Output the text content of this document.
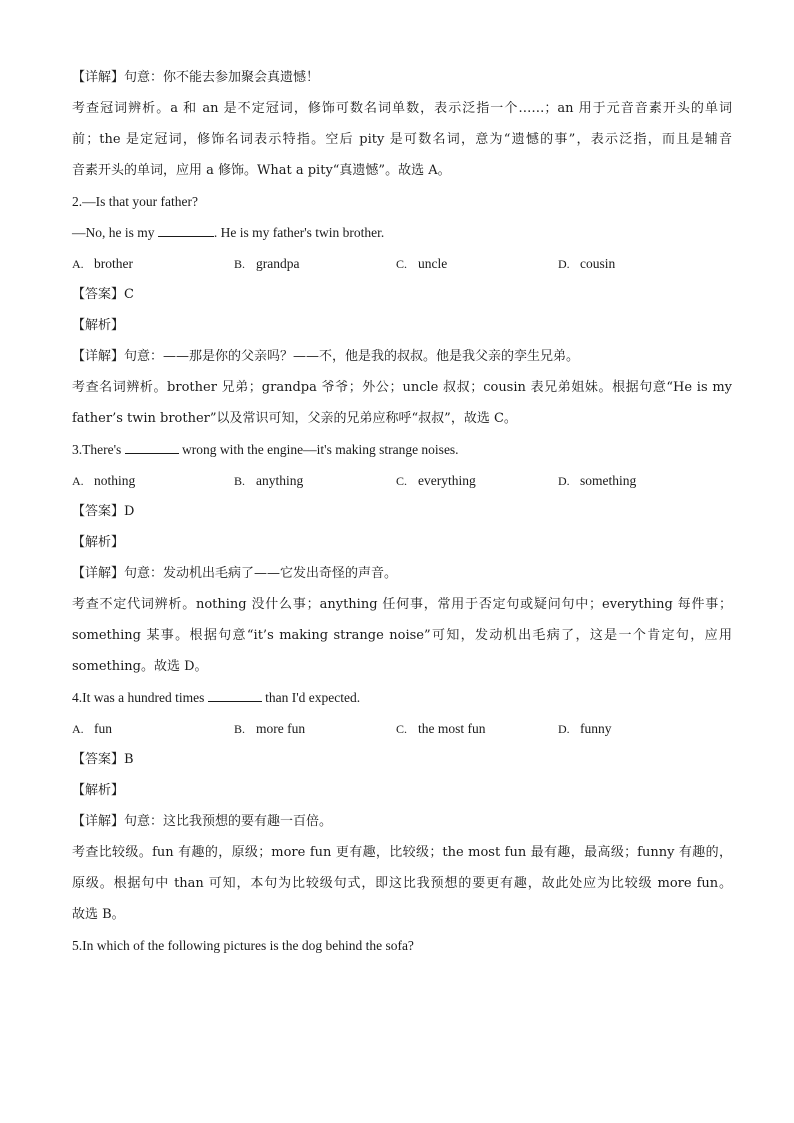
【详解】句意：你不能去参加聚会真遗憾！
考查冠词辨析。a 和 an 是不定冠词，修饰可数名词单数，表示泛指一个……；an 用于元音音素开头的单词
前；the 是定冠词，修饰名词表示特指。空后 pity 是可数名词，意为“遗憾的事”，表示泛指，而且是辅音
音素开头的单词，应用 a 修饰。What a pity“真遗憾”。故选 A。
2.—Is that your father?
—No, he is my	. He is my father's twin brother.
A. brother	B. grandpa	C. uncle	D. cousin
【答案】C
【解析】
【详解】句意：——那是你的父亲吗？——不，他是我的叔叔。他是我父亲的孪生兄弟。
考查名词辨析。brother 兄弟；grandpa 爷爷；外公；uncle 叔叔；cousin 表兄弟姐妹。根据句意“He is my
father’s twin brother”以及常识可知，父亲的兄弟应称呼“叔叔”，故选 C。
3.There's	wrong with the engine—it's making strange noises.
A. nothing	B. anything	C. everything	D. something
【答案】D
【解析】
【详解】句意：发动机出毛病了——它发出奇怪的声音。
考查不定代词辨析。nothing 没什么事；anything 任何事，常用于否定句或疑问句中；everything 每件事；
something 某事。根据句意“it’s making strange noise”可知，发动机出毛病了，这是一个肯定句，应用
something。故选 D。
4.It was a hundred times	than I'd expected.
A. fun	B. more fun	C. the most fun	D. funny
【答案】B
【解析】
【详解】句意：这比我预想的要有趣一百倍。
考查比较级。fun 有趣的，原级；more fun 更有趣，比较级；the most fun 最有趣，最高级；funny 有趣的，
原级。根据句中 than 可知，本句为比较级句式，即这比我预想的要更有趣，故此处应为比较级 more fun。
故选 B。
5.In which of the following pictures is the dog behind the sofa?
